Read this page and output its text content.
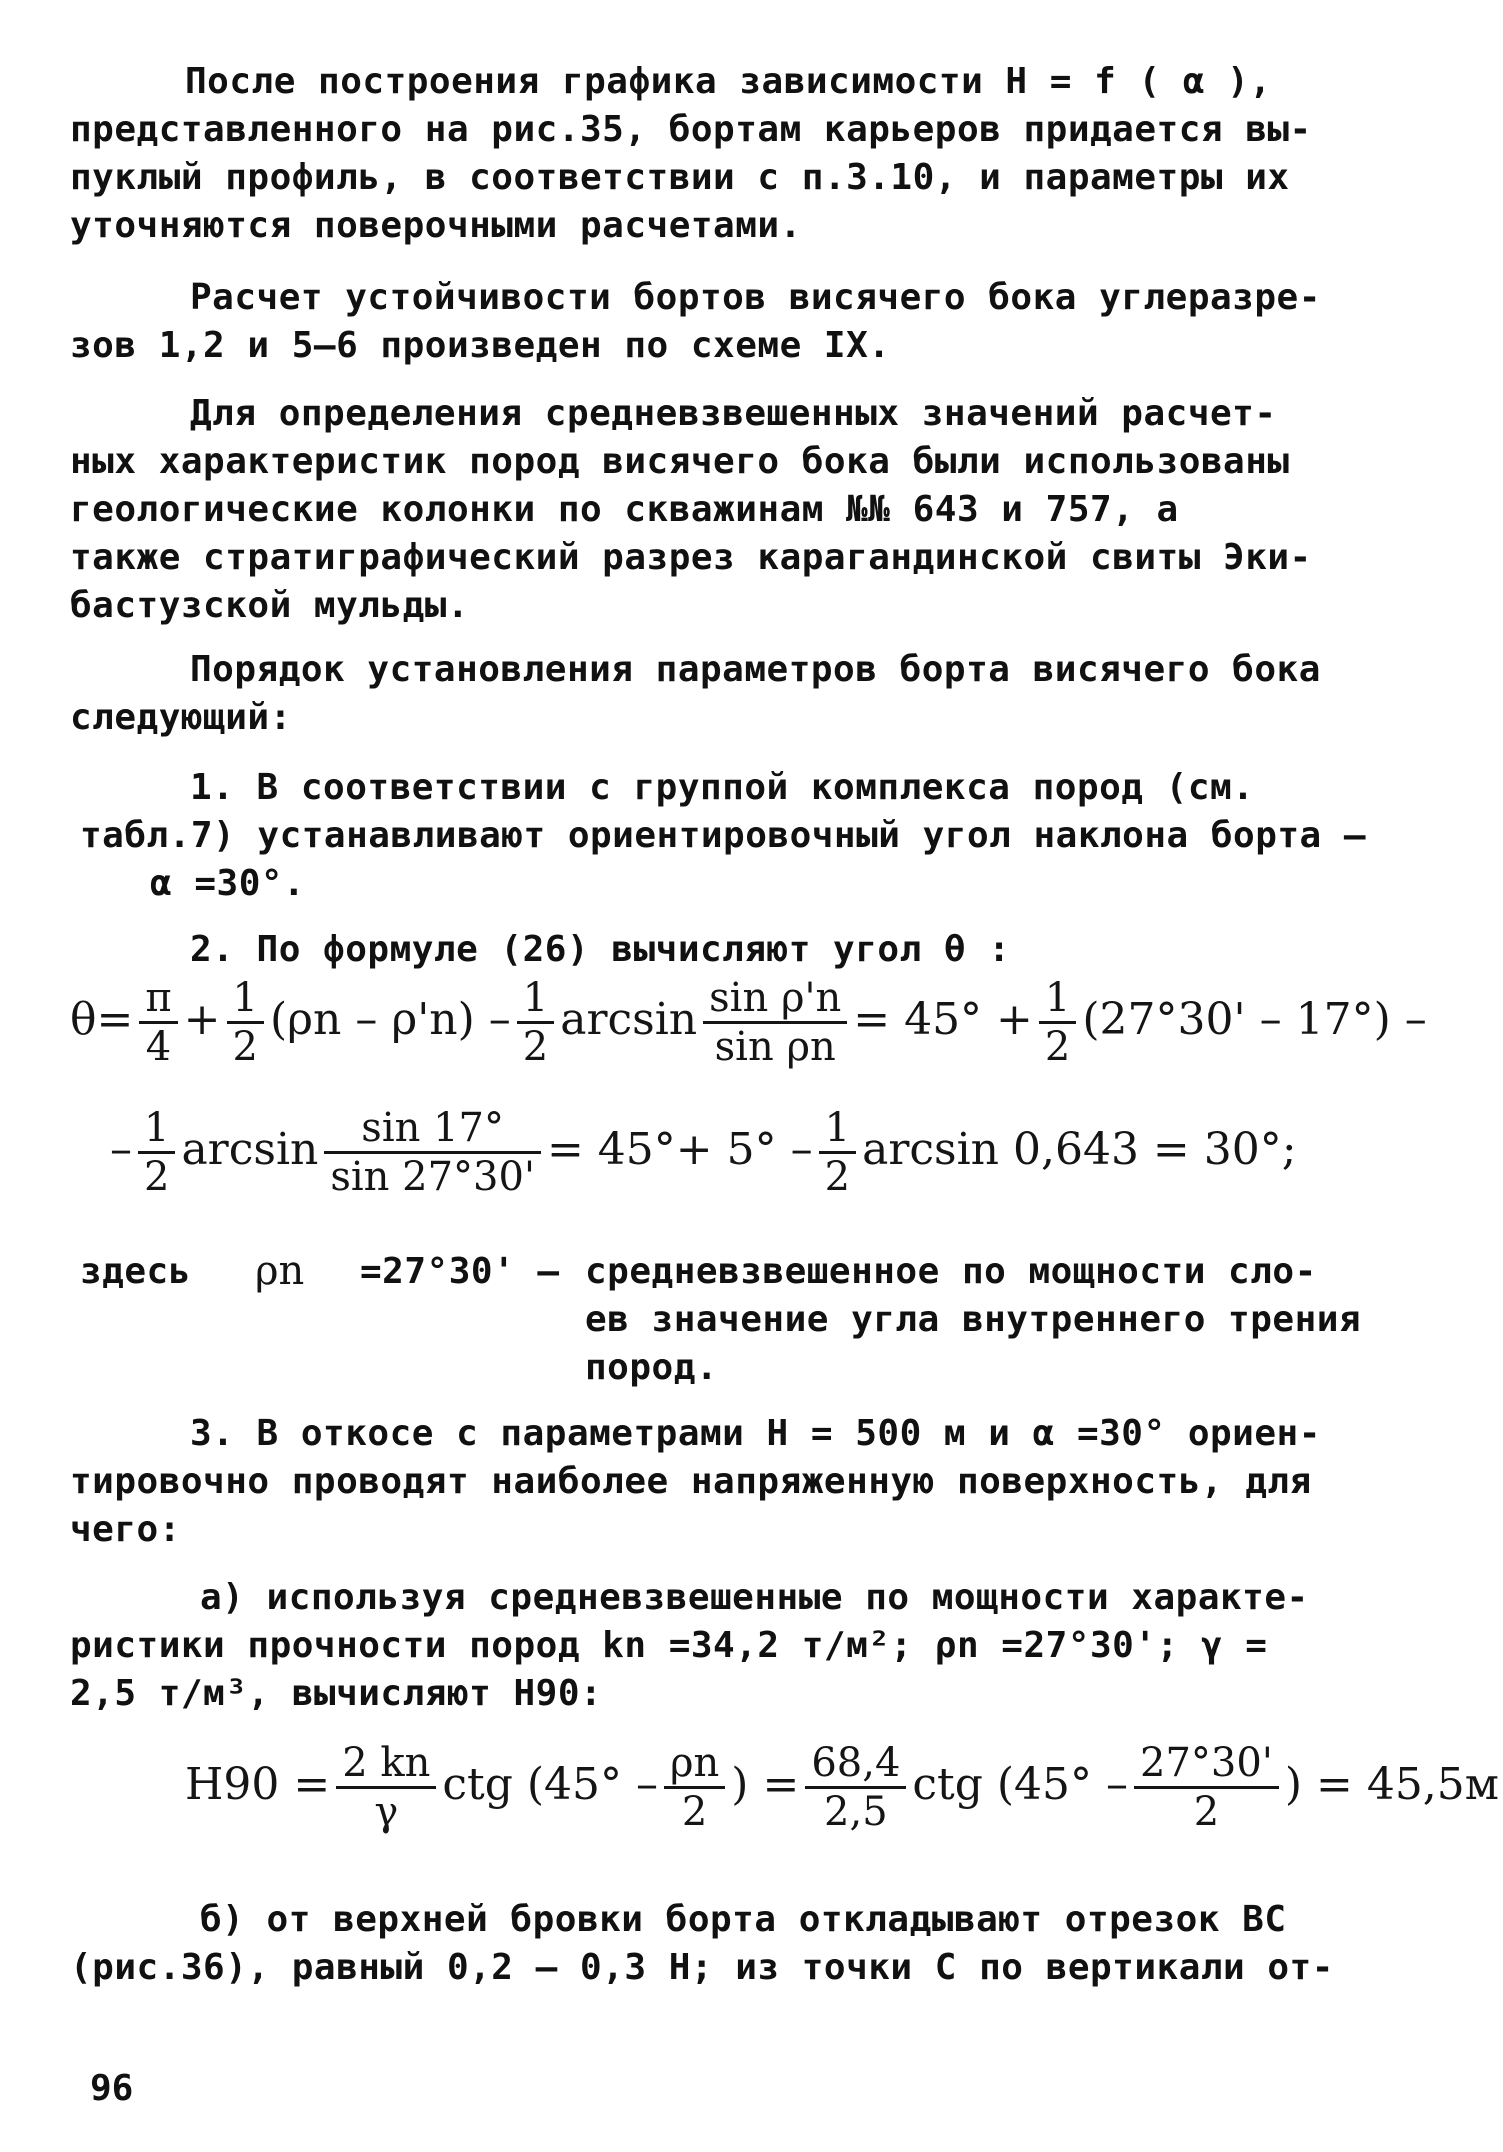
После построения графика зависимости H = f ( α ),
представленного на рис.35, бортам карьеров придается вы-
пуклый профиль, в соответствии с п.3.10, и параметры их
уточняются поверочными расчетами.
Расчет устойчивости бортов висячего бока углеразре-
зов 1,2 и 5–6 произведен по схеме IX.
Для определения средневзвешенных значений расчет-
ных характеристик пород висячего бока были использованы
геологические колонки по скважинам №№ 643 и 757, а
также стратиграфический разрез карагандинской свиты Эки-
бастузской мульды.
Порядок установления параметров борта висячего бока
следующий:
1. В соответствии с группой комплекса пород (см.
табл.7) устанавливают ориентировочный угол наклона борта –
α =30°.
2. По формуле (26) вычисляют угол θ :
$\theta= \frac{\pi}{4} + \frac{1}{2} (\rho n - \rho'n) - \frac{1}{2}$ $\arcsin \frac{\text{sin ρ'n}}{\text{sin ρn}} = 45^\circ + \frac{1}{2} (27^\circ 30' - 17^\circ)$ –
– $\frac{1}{2}$ $\arcsin \frac{\sin 17^\circ}{\sin 27^\circ 30'} = 45^\circ+ 5^\circ - \frac{1}{2}$ arcsin 0,643 = 30°;
здесь ρn =27°30' – средневзвешенное по мощности сло-
ев значение угла внутреннего трения
пород.
3. В откосе с параметрами H = 500 м и α =30° ориен-
тировочно проводят наиболее напряженную поверхность, для
чего:
а) используя средневзвешенные по мощности характе-
ристики прочности пород kn =34,2 т/м²; ρn =27°30'; γ =
2,5 т/м³, вычисляют H90:
$H90 = \frac{2 kn}{\gamma}$ ctg ($45^\circ - \frac{\rho n}{2}$ ) = $\frac{68,4}{2,5}$ ctg ($45^\circ - \frac{27^\circ 30'}{2}$ ) = 45,5м
б) от верхней бровки борта откладывают отрезок BC
(рис.36), равный 0,2 – 0,3 H; из точки C по вертикали от-
96
